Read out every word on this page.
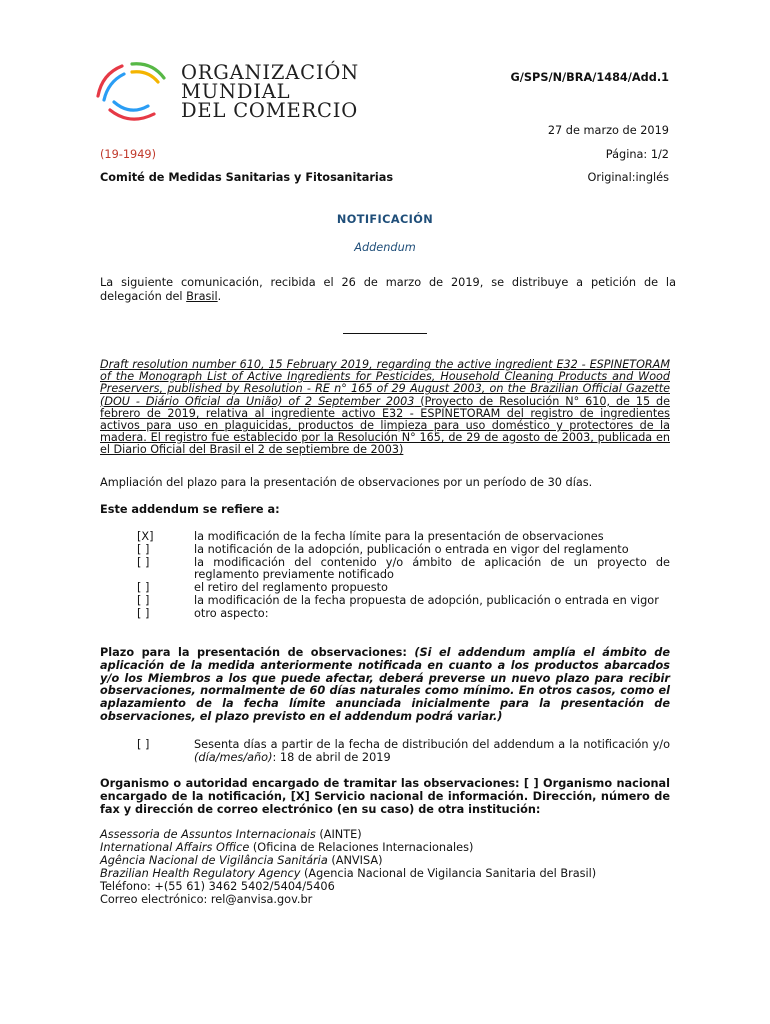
ORGANIZACIÓN
MUNDIAL
DEL COMERCIO
G/SPS/N/BRA/1484/Add.1
27 de marzo de 2019
(19-1949)	Página: 1/2
Comité de Medidas Sanitarias y Fitosanitarias	Original:inglés
NOTIFICACIÓN
Addendum
La siguiente comunicación, recibida el 26 de marzo de 2019, se distribuye a petición de la delegación del Brasil.
Draft resolution number 610, 15 February 2019, regarding the active ingredient E32 - ESPINETORAM of the Monograph List of Active Ingredients for Pesticides, Household Cleaning Products and Wood Preservers, published by Resolution - RE n° 165 of 29 August 2003, on the Brazilian Official Gazette (DOU - Diário Oficial da União) of 2 September 2003 (Proyecto de Resolución N° 610, de 15 de febrero de 2019, relativa al ingrediente activo E32 - ESPINETORAM del registro de ingredientes activos para uso en plaguicidas, productos de limpieza para uso doméstico y protectores de la madera. El registro fue establecido por la Resolución N° 165, de 29 de agosto de 2003, publicada en el Diario Oficial del Brasil el 2 de septiembre de 2003)
Ampliación del plazo para la presentación de observaciones por un período de 30 días.
Este addendum se refiere a:
[X]	la modificación de la fecha límite para la presentación de observaciones
[ ]	la notificación de la adopción, publicación o entrada en vigor del reglamento
[ ]	la modificación del contenido y/o ámbito de aplicación de un proyecto de reglamento previamente notificado
[ ]	el retiro del reglamento propuesto
[ ]	la modificación de la fecha propuesta de adopción, publicación o entrada en vigor
[ ]	otro aspecto:
Plazo para la presentación de observaciones: (Si el addendum amplía el ámbito de aplicación de la medida anteriormente notificada en cuanto a los productos abarcados y/o los Miembros a los que puede afectar, deberá preverse un nuevo plazo para recibir observaciones, normalmente de 60 días naturales como mínimo. En otros casos, como el aplazamiento de la fecha límite anunciada inicialmente para la presentación de observaciones, el plazo previsto en el addendum podrá variar.)
[ ]	Sesenta días a partir de la fecha de distribución del addendum a la notificación y/o (día/mes/año): 18 de abril de 2019
Organismo o autoridad encargado de tramitar las observaciones: [ ] Organismo nacional encargado de la notificación, [X] Servicio nacional de información. Dirección, número de fax y dirección de correo electrónico (en su caso) de otra institución:
Assessoria de Assuntos Internacionais (AINTE)
International Affairs Office (Oficina de Relaciones Internacionales)
Agência Nacional de Vigilância Sanitária (ANVISA)
Brazilian Health Regulatory Agency (Agencia Nacional de Vigilancia Sanitaria del Brasil)
Teléfono: +(55 61) 3462 5402/5404/5406
Correo electrónico: rel@anvisa.gov.br
